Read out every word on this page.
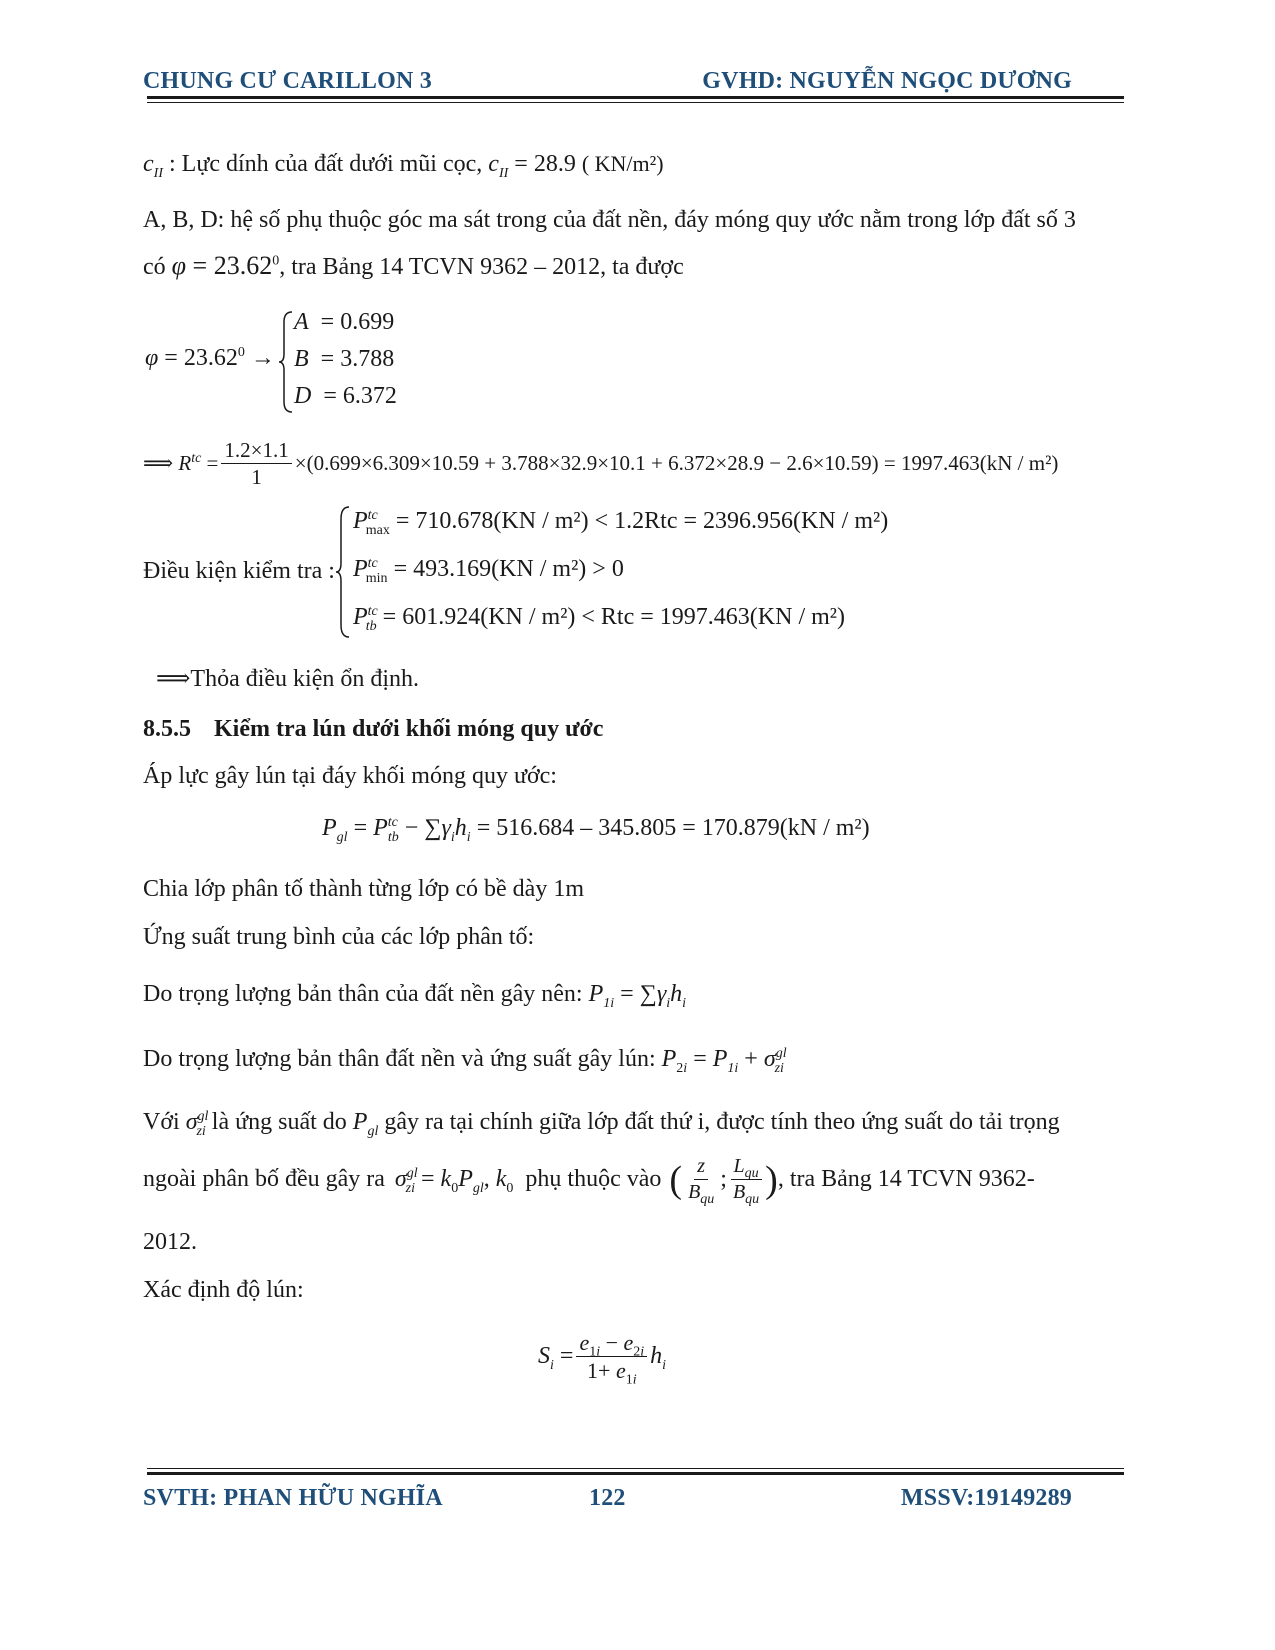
CHUNG CƯ CARILLON 3	GVHD: NGUYỄN NGỌC DƯƠNG
$c_{II}$ : Lực dính của đất dưới mũi cọc, $c_{II} = 28.9$ ( KN/m²)
A, B, D: hệ số phụ thuộc góc ma sát trong của đất nền, đáy móng quy ước nằm trong lớp đất số 3
có $\varphi = 23.62^0$, tra Bảng 14 TCVN 9362 – 2012, ta được
$\varphi = 23.62^0$ →
A  = 0.699
B  = 3.788
D  = 6.372
⟹ $R^{tc} = \frac{1.2\times 1.1}{1} \times(0.699\times 6.309\times 10.59 + 3.788\times 32.9\times 10.1 + 6.372\times 28.9 - 2.6\times 10.59) = 1997.463(kN / m^2)$
Điều kiện kiểm tra :
$P^{tc}_{max} = 710.678(KN / m^2) < 1.2Rtc = 2396.956(KN / m^2)$
$P^{tc}_{min} = 493.169(KN / m^2) > 0$
$P^{tc}_{tb} = 601.924(KN / m^2)$ < Rtc = 1997.463(KN / m²)
⟹Thỏa điều kiện ổn định.
8.5.5 Kiểm tra lún dưới khối móng quy ước
Áp lực gây lún tại đáy khối móng quy ước:
$P_{gl} = P^{tc}_{tb} - \sum\gamma_ih_i = 516.684 - 345.805 = 170.879(kN / m^2)$
Chia lớp phân tố thành từng lớp có bề dày 1m
Ứng suất trung bình của các lớp phân tố:
Do trọng lượng bản thân của đất nền gây nên: $P_{1i} = \sum\gamma_ih_i$
Do trọng lượng bản thân đất nền và ứng suất gây lún: $P_{2i} = P_{1i} + \sigma^{gl}_{zi}$
Với $\sigma^{gl}_{zi}$ là ứng suất do $P_{gl}$ gây ra tại chính giữa lớp đất thứ i, được tính theo ứng suất do tải trọng
ngoài phân bố đều gây ra $\sigma^{gl}_{zi} = k_0P_{gl}$, $k_0$ phụ thuộc vào ( $\frac{z}{B_{qu}}$ ; $\frac{L_{qu}}{B_{qu}}$ ) , tra Bảng 14 TCVN 9362-
2012.
Xác định độ lún:
$S_i = \frac{e_{1i} - e_{2i}}{1+ e_{1i}} h_i$
SVTH: PHAN HỮU NGHĨA	122	MSSV:19149289
